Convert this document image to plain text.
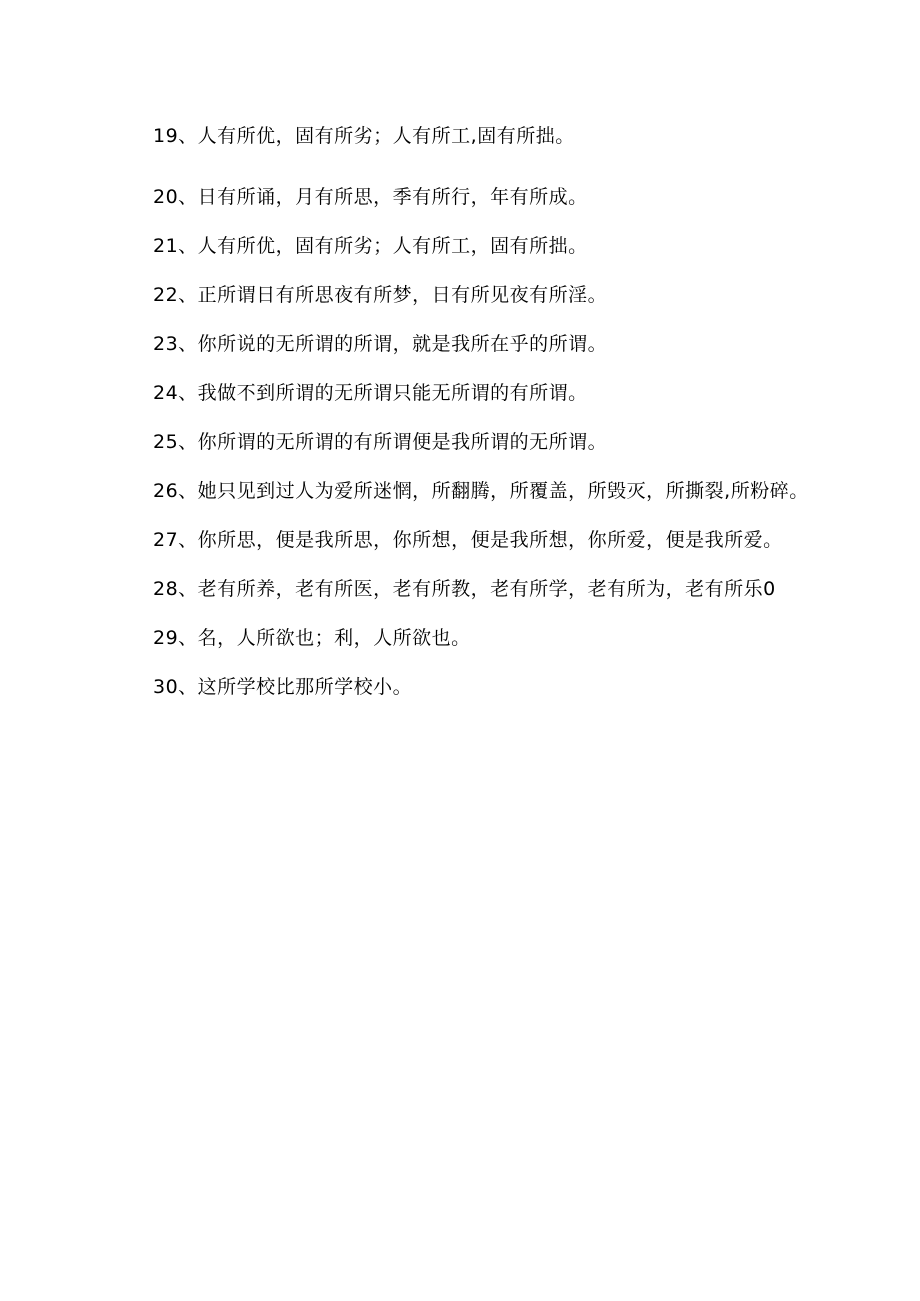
19、人有所优，固有所劣；人有所工,固有所拙。

20、日有所诵，月有所思，季有所行，年有所成。

21、人有所优，固有所劣；人有所工，固有所拙。

22、正所谓日有所思夜有所梦，日有所见夜有所淫。

23、你所说的无所谓的所谓，就是我所在乎的所谓。

24、我做不到所谓的无所谓只能无所谓的有所谓。

25、你所谓的无所谓的有所谓便是我所谓的无所谓。

26、她只见到过人为爱所迷惘，所翻腾，所覆盖，所毁灭，所撕裂,所粉碎。

27、你所思，便是我所思，你所想，便是我所想，你所爱，便是我所爱。

28、老有所养，老有所医，老有所教，老有所学，老有所为，老有所乐0

29、名，人所欲也；利，人所欲也。

30、这所学校比那所学校小。
